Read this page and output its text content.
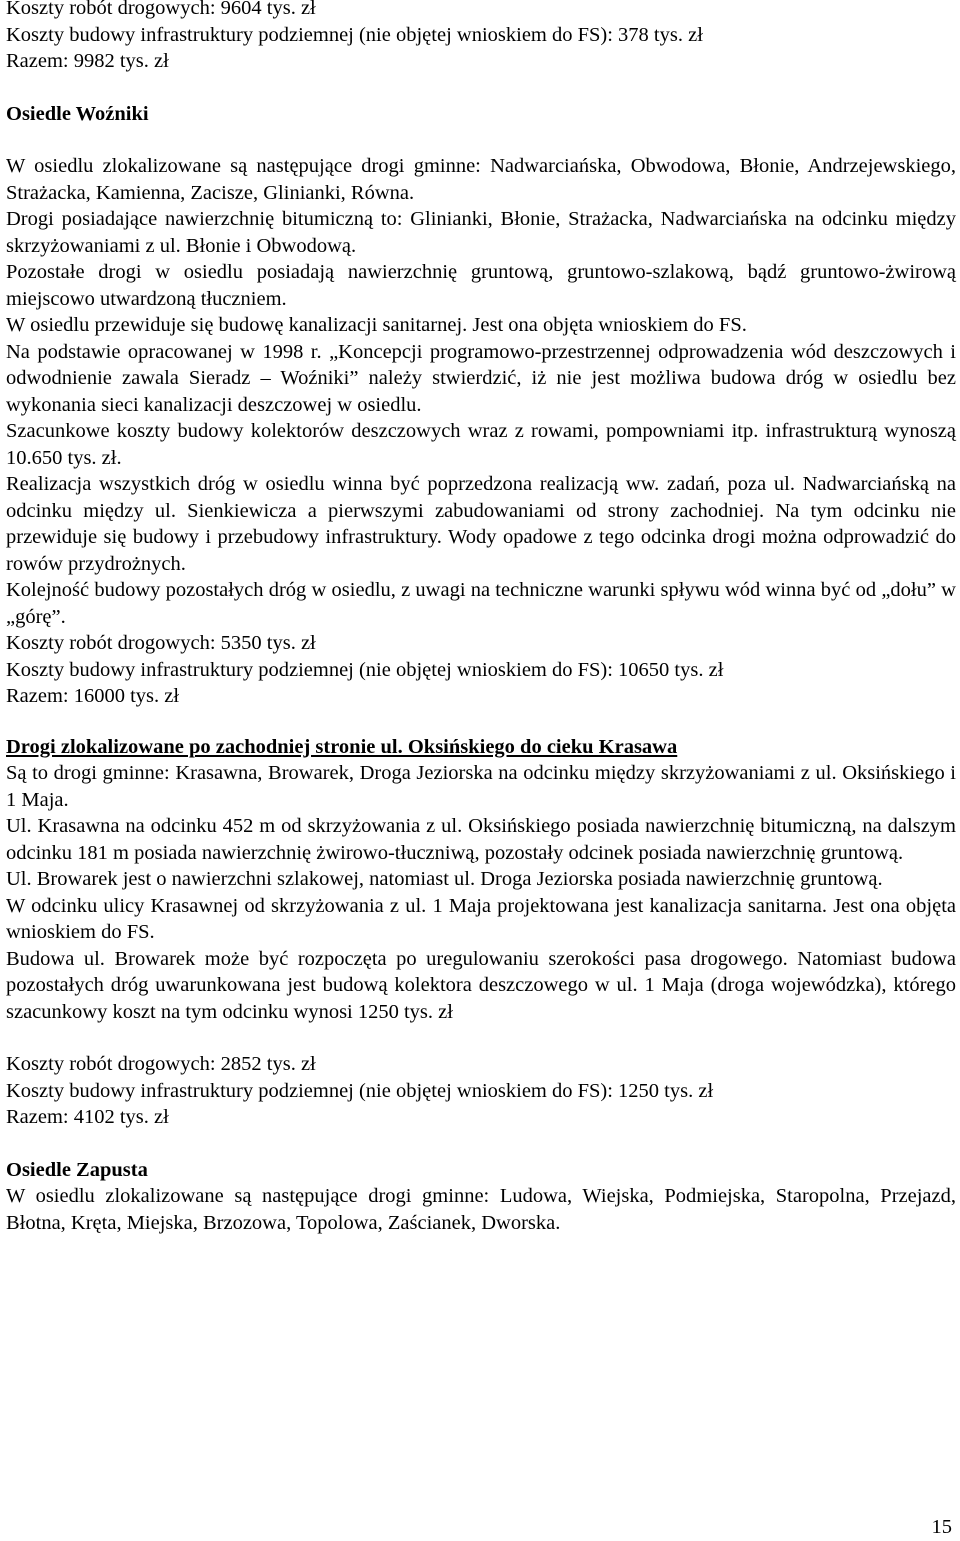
Koszty robót drogowych: 9604 tys. zł

Koszty budowy infrastruktury podziemnej (nie objętej wnioskiem do FS): 378 tys. zł

Razem: 9982 tys. zł

Osiedle Woźniki

W osiedlu zlokalizowane są następujące drogi gminne: Nadwarciańska, Obwodowa, Błonie, Andrzejewskiego, Strażacka, Kamienna, Zacisze, Glinianki, Równa.

Drogi posiadające nawierzchnię bitumiczną to: Glinianki, Błonie, Strażacka, Nadwarciańska na odcinku między skrzyżowaniami z ul. Błonie i Obwodową.

Pozostałe drogi w osiedlu posiadają nawierzchnię gruntową, gruntowo-szlakową, bądź gruntowo-żwirową miejscowo utwardzoną tłuczniem.

W osiedlu przewiduje się budowę kanalizacji sanitarnej. Jest ona objęta wnioskiem do FS.

Na podstawie opracowanej w 1998 r. „Koncepcji programowo-przestrzennej odprowadzenia wód deszczowych i odwodnienie zawala Sieradz – Woźniki” należy stwierdzić, iż nie jest możliwa budowa dróg w osiedlu bez wykonania sieci kanalizacji deszczowej w osiedlu.

Szacunkowe koszty budowy kolektorów deszczowych wraz z rowami, pompowniami itp. infrastrukturą wynoszą 10.650 tys. zł.

Realizacja wszystkich dróg w osiedlu winna być poprzedzona realizacją ww. zadań, poza ul. Nadwarciańską na odcinku między ul. Sienkiewicza a pierwszymi zabudowaniami od strony zachodniej. Na tym odcinku nie przewiduje się budowy i przebudowy infrastruktury. Wody opadowe z tego odcinka drogi można odprowadzić do rowów przydrożnych.

Kolejność budowy pozostałych dróg w osiedlu, z uwagi na techniczne warunki spływu wód winna być od „dołu” w „górę”.

Koszty robót drogowych: 5350 tys. zł

Koszty budowy infrastruktury podziemnej (nie objętej wnioskiem do FS): 10650 tys. zł

Razem: 16000 tys. zł

Drogi zlokalizowane po zachodniej stronie ul. Oksińskiego do cieku Krasawa

Są to drogi gminne: Krasawna, Browarek, Droga Jeziorska na odcinku między skrzyżowaniami z ul. Oksińskiego i 1 Maja.

Ul. Krasawna na odcinku 452 m od skrzyżowania z ul. Oksińskiego posiada nawierzchnię bitumiczną, na dalszym odcinku 181 m posiada nawierzchnię żwirowo-tłuczniwą, pozostały odcinek posiada nawierzchnię gruntową.

Ul. Browarek jest o nawierzchni szlakowej, natomiast ul. Droga Jeziorska posiada nawierzchnię gruntową.

W odcinku ulicy Krasawnej od skrzyżowania z ul. 1 Maja projektowana jest kanalizacja sanitarna. Jest ona objęta wnioskiem do FS.

Budowa ul. Browarek może być rozpoczęta po uregulowaniu szerokości pasa drogowego. Natomiast budowa pozostałych dróg uwarunkowana jest budową kolektora deszczowego w ul. 1 Maja (droga wojewódzka), którego szacunkowy koszt na tym odcinku wynosi 1250 tys. zł

Koszty robót drogowych: 2852 tys. zł

Koszty budowy infrastruktury podziemnej (nie objętej wnioskiem do FS): 1250 tys. zł

Razem: 4102 tys. zł

Osiedle Zapusta

W osiedlu zlokalizowane są następujące drogi gminne: Ludowa, Wiejska, Podmiejska, Staropolna, Przejazd, Błotna, Kręta, Miejska, Brzozowa, Topolowa, Zaścianek, Dworska.

15
